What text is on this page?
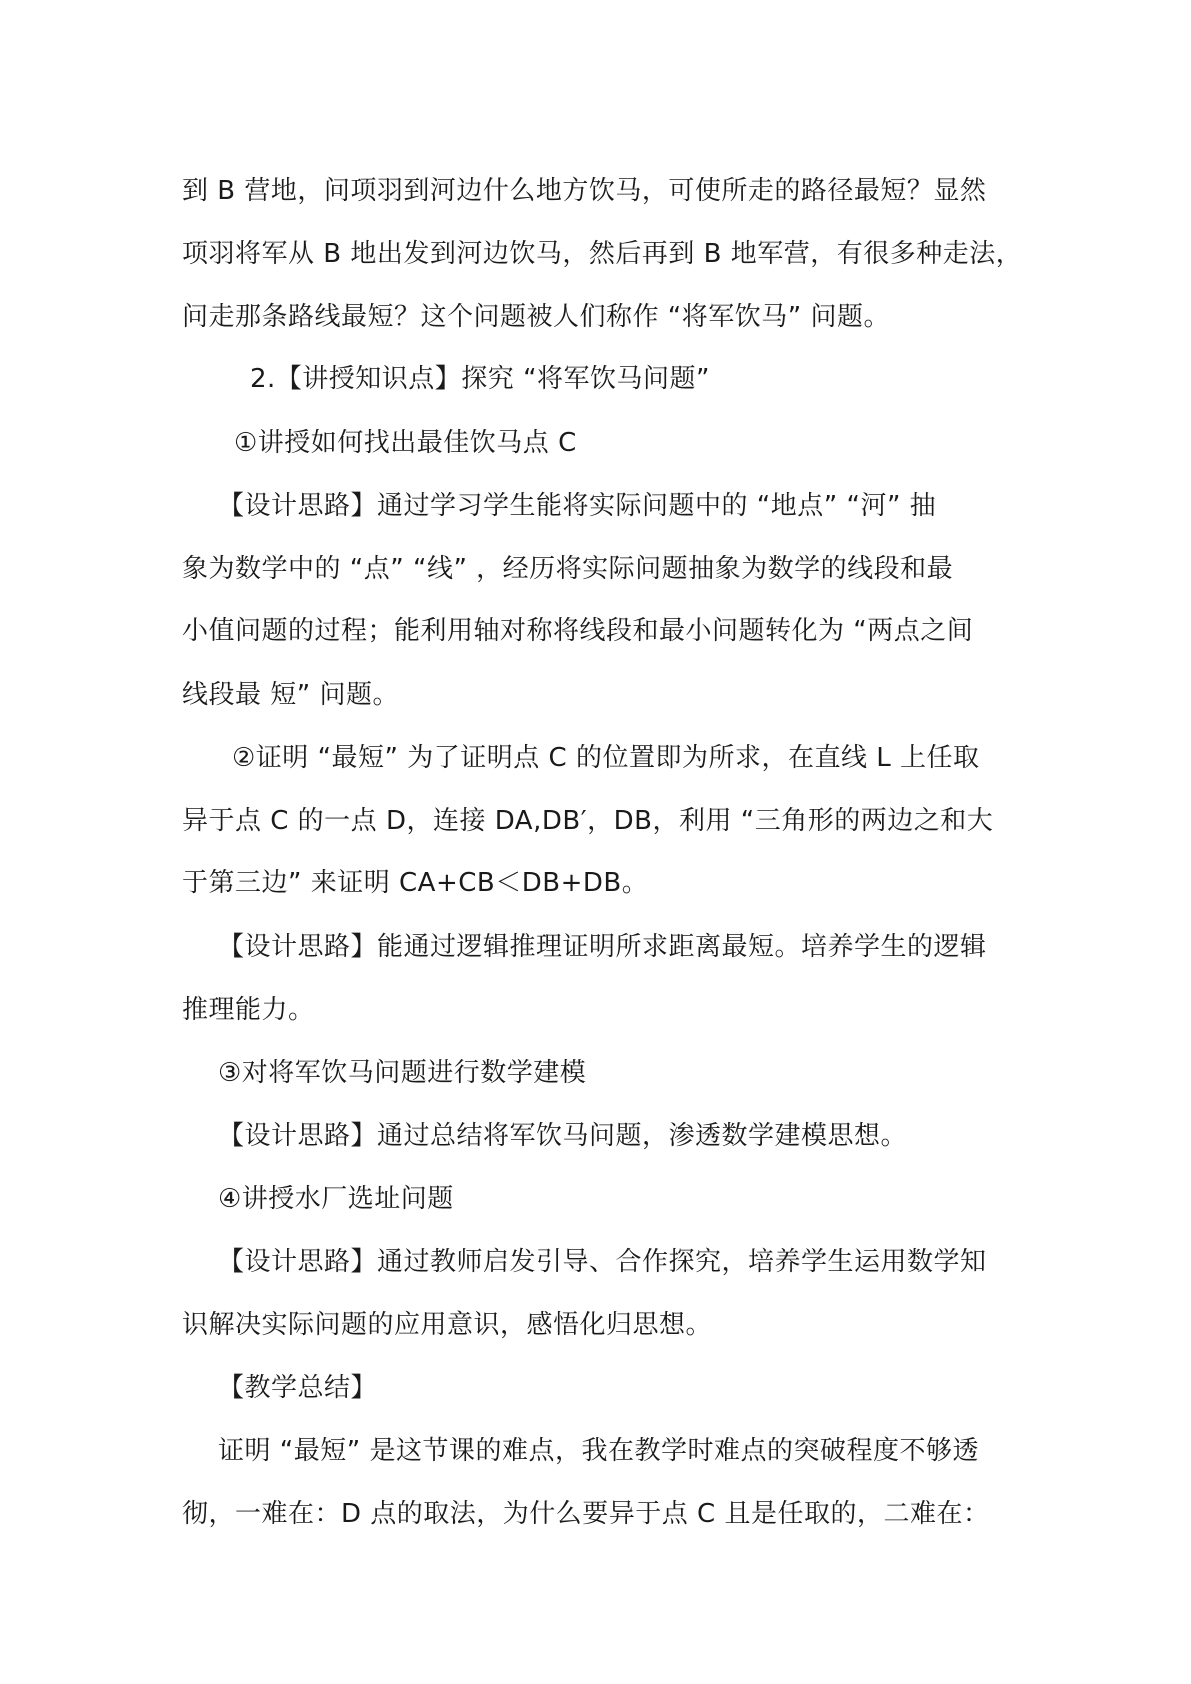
到 B 营地，问项羽到河边什么地方饮马，可使所走的路径最短？显然
项羽将军从 B 地出发到河边饮马，然后再到 B 地军营，有很多种走法，
问走那条路线最短？这个问题被人们称作 “将军饮马” 问题。
2.【讲授知识点】探究 “将军饮马问题”
①讲授如何找出最佳饮马点 C
【设计思路】通过学习学生能将实际问题中的 “地点” “河” 抽
象为数学中的 “点” “线” ，经历将实际问题抽象为数学的线段和最
小值问题的过程；能利用轴对称将线段和最小问题转化为 “两点之间
线段最 短” 问题。
②证明 “最短” 为了证明点 C 的位置即为所求，在直线 L 上任取
异于点 C 的一点 D，连接 DA,DB′，DB，利用 “三角形的两边之和大
于第三边” 来证明 CA+CB＜DB+DB。
【设计思路】能通过逻辑推理证明所求距离最短。培养学生的逻辑
推理能力。
③对将军饮马问题进行数学建模
【设计思路】通过总结将军饮马问题，渗透数学建模思想。
④讲授水厂选址问题
【设计思路】通过教师启发引导、合作探究，培养学生运用数学知
识解决实际问题的应用意识，感悟化归思想。
【教学总结】
证明 “最短” 是这节课的难点，我在教学时难点的突破程度不够透
彻，一难在：D 点的取法，为什么要异于点 C 且是任取的，二难在：
